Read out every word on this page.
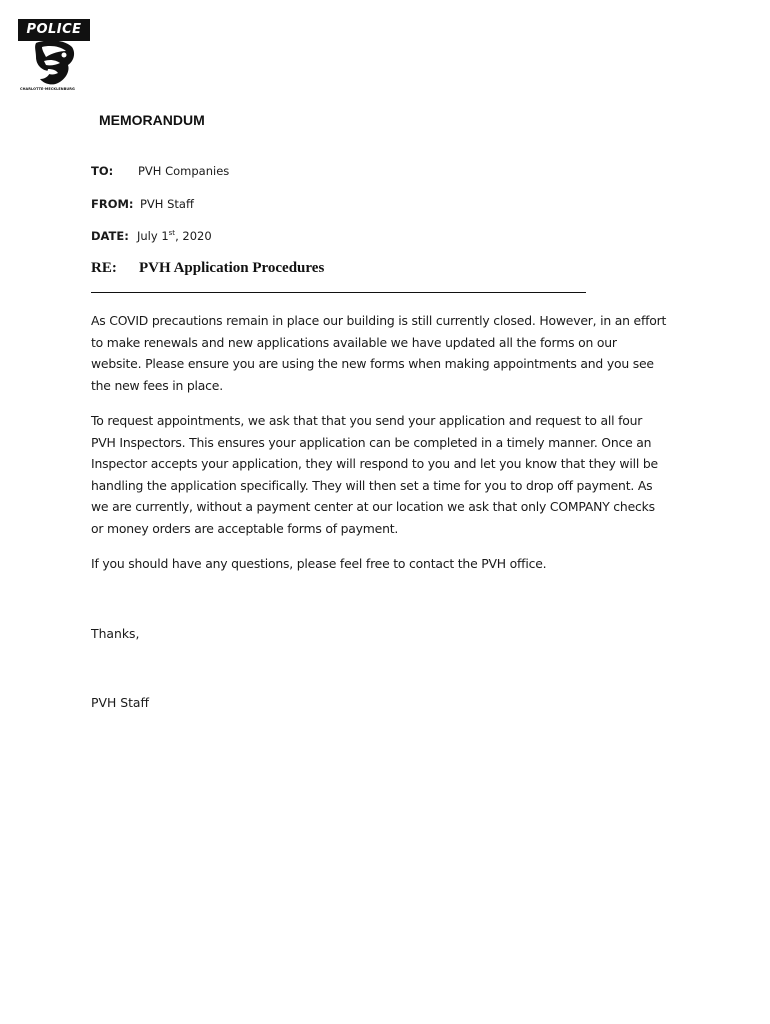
POLICE
CHARLOTTE-MECKLENBURG
MEMORANDUM
TO: PVH Companies
FROM: PVH Staff
DATE: July 1st, 2020
RE: PVH Application Procedures
As COVID precautions remain in place our building is still currently closed. However, in an effort
to make renewals and new applications available we have updated all the forms on our
website. Please ensure you are using the new forms when making appointments and you see
the new fees in place.
To request appointments, we ask that that you send your application and request to all four
PVH Inspectors. This ensures your application can be completed in a timely manner. Once an
Inspector accepts your application, they will respond to you and let you know that they will be
handling the application specifically. They will then set a time for you to drop off payment. As
we are currently, without a payment center at our location we ask that only COMPANY checks
or money orders are acceptable forms of payment.
If you should have any questions, please feel free to contact the PVH office.
Thanks,
PVH Staff
